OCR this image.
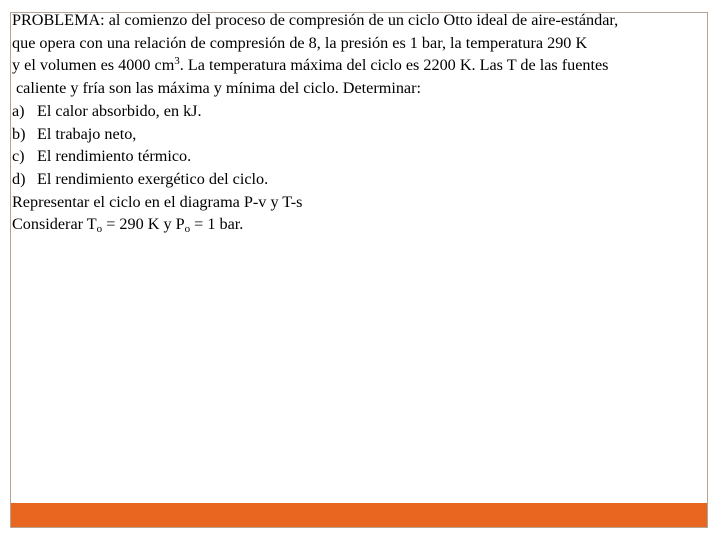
PROBLEMA: al comienzo del proceso de compresión de un ciclo Otto ideal de aire-estándar,
que opera con una relación de compresión de 8, la presión es 1 bar, la temperatura 290 K
y el volumen es 4000 $cm^3$. La temperatura máxima del ciclo es 2200 K. Las T de las fuentes
caliente y fría son las máxima y mínima del ciclo. Determinar:
a) El calor absorbido, en kJ.
b) El trabajo neto,
c) El rendimiento térmico.
d) El rendimiento exergético del ciclo.
Representar el ciclo en el diagrama P-v y T-s
Considerar $T_o = 290$ K y $P_o = 1$ bar.
